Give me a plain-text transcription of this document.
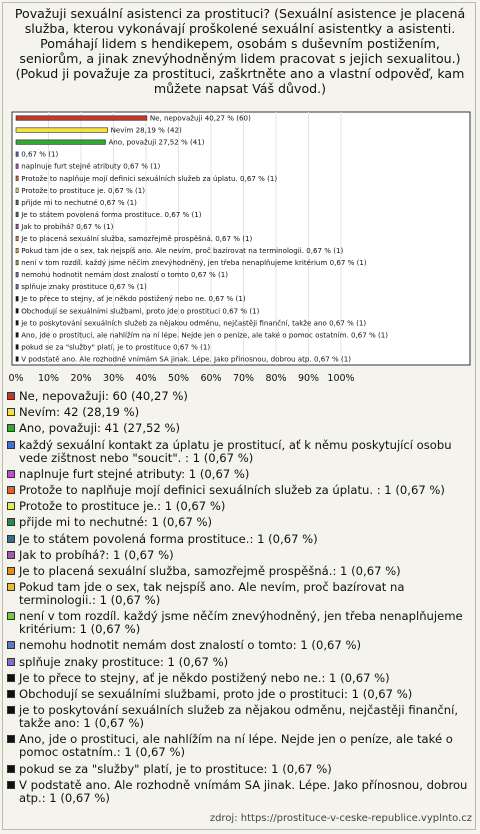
Považuji sexuální asistenci za prostituci? (Sexuální asistence je placená služba, kterou vykonávají proškolené sexuální asistentky a asistenti. Pomáhají lidem s hendikepem, osobám s duševním postižením, seniorům, a jinak znevýhodněným lidem pracovat s jejich sexualitou.) (Pokud ji považuje za prostituci, zaškrtněte ano a vlastní odpověď, kam můžete napsat Váš důvod.)
Ne, nepovažuji 40,27 % (60)
Nevím 28,19 % (42)
Ano, považuji 27,52 % (41)
0,67 % (1)
naplnuje furt stejné atributy 0,67 % (1)
Protože to naplňuje mojí definici sexuálních služeb za úplatu. 0,67 % (1)
Protože to prostituce je. 0,67 % (1)
přijde mi to nechutné 0,67 % (1)
Je to státem povolená forma prostituce. 0,67 % (1)
Jak to probíhá? 0,67 % (1)
Je to placená sexuální služba, samozřejmě prospěšná. 0,67 % (1)
Pokud tam jde o sex, tak nejspíš ano. Ale nevím, proč bazírovat na terminologii. 0,67 % (1)
není v tom rozdíl. každý jsme něčím znevýhodněný, jen třeba nenaplňujeme kritérium 0,67 % (1)
nemohu hodnotit nemám dost znalostí o tomto 0,67 % (1)
splňuje znaky prostituce 0,67 % (1)
Je to přece to stejny, ať je někdo postižený nebo ne. 0,67 % (1)
Obchodují se sexuálními službami, proto jde o prostituci 0,67 % (1)
je to poskytování sexuálních služeb za nějakou odměnu, nejčastěji finanční, takže ano 0,67 % (1)
Ano, jde o prostituci, ale nahlížím na ní lépe. Nejde jen o peníze, ale také o pomoc ostatním. 0,67 % (1)
pokud se za "služby" platí, je to prostituce 0,67 % (1)
V podstatě ano. Ale rozhodně vnímám SA jinak. Lépe. Jako přínosnou, dobrou atp. 0,67 % (1)
0% 10% 20% 30% 40% 50% 60% 70% 80% 90% 100%
Ne, nepovažuji: 60 (40,27 %)
Nevím: 42 (28,19 %)
Ano, považuji: 41 (27,52 %)
každý sexuální kontakt za úplatu je prostitucí, ať k němu poskytující osobu vede zištnost nebo "soucit". : 1 (0,67 %)
naplnuje furt stejné atributy: 1 (0,67 %)
Protože to naplňuje mojí definici sexuálních služeb za úplatu. : 1 (0,67 %)
Protože to prostituce je.: 1 (0,67 %)
přijde mi to nechutné: 1 (0,67 %)
Je to státem povolená forma prostituce.: 1 (0,67 %)
Jak to probíhá?: 1 (0,67 %)
Je to placená sexuální služba, samozřejmě prospěšná.: 1 (0,67 %)
Pokud tam jde o sex, tak nejspíš ano. Ale nevím, proč bazírovat na terminologii.: 1 (0,67 %)
není v tom rozdíl. každý jsme něčím znevýhodněný, jen třeba nenaplňujeme kritérium: 1 (0,67 %)
nemohu hodnotit nemám dost znalostí o tomto: 1 (0,67 %)
splňuje znaky prostituce: 1 (0,67 %)
Je to přece to stejny, ať je někdo postižený nebo ne.: 1 (0,67 %)
Obchodují se sexuálními službami, proto jde o prostituci: 1 (0,67 %)
je to poskytování sexuálních služeb za nějakou odměnu, nejčastěji finanční, takže ano: 1 (0,67 %)
Ano, jde o prostituci, ale nahlížím na ní lépe. Nejde jen o peníze, ale také o pomoc ostatním.: 1 (0,67 %)
pokud se za "služby" platí, je to prostituce: 1 (0,67 %)
V podstatě ano. Ale rozhodně vnímám SA jinak. Lépe. Jako přínosnou, dobrou atp.: 1 (0,67 %)
zdroj: https://prostituce-v-ceske-republice.vyplnto.cz
